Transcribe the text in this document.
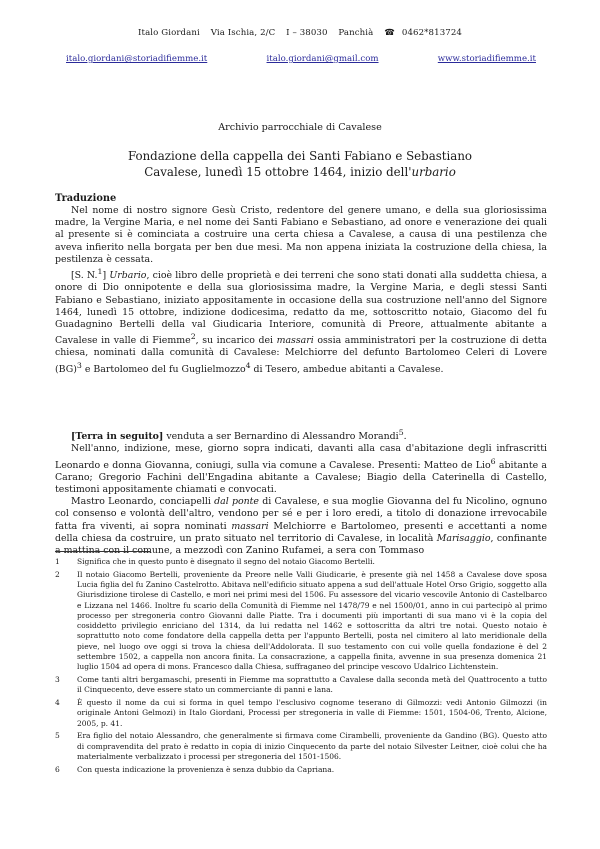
Italo Giordani Via Ischia, 2/C I – 38030 Panchià ☎ 0462*813724
italo.giordani@storiadifiemme.it	italo.giordani@gmail.com	www.storiadifiemme.it
Archivio parrocchiale di Cavalese
Fondazione della cappella dei Santi Fabiano e Sebastiano
Cavalese, lunedì 15 ottobre 1464, inizio dell'urbario
Traduzione

Nel nome di nostro signore Gesù Cristo, redentore del genere umano, e della sua gloriosissima madre, la Vergine Maria, e nel nome dei Santi Fabiano e Sebastiano, ad onore e venerazione dei quali al presente si è cominciata a costruire una certa chiesa a Cavalese, a causa di una pestilenza che aveva infierito nella borgata per ben due mesi. Ma non appena iniziata la costruzione della chiesa, la pestilenza è cessata.

[S. N.$^1$] Urbario, cioè libro delle proprietà e dei terreni che sono stati donati alla suddetta chiesa, a onore di Dio onnipotente e della sua gloriosissima madre, la Vergine Maria, e degli stessi Santi Fabiano e Sebastiano, iniziato appositamente in occasione della sua costruzione nell'anno del Signore 1464, lunedì 15 ottobre, indizione dodicesima, redatto da me, sottoscritto notaio, Giacomo del fu Guadagnino Bertelli della val Giudicaria Interiore, comunità di Preore, attualmente abitante a Cavalese in valle di Fiemme$^2$, su incarico dei massari ossia amministratori per la costruzione di detta chiesa, nominati dalla comunità di Cavalese: Melchiorre del defunto Bartolomeo Celeri di Lovere (BG)$^3$ e Bartolomeo del fu Guglielmozzo$^4$ di Tesero, ambedue abitanti a Cavalese.

[Terra in seguito] venduta a ser Bernardino di Alessandro Morandi$^5$.

Nell'anno, indizione, mese, giorno sopra indicati, davanti alla casa d'abitazione degli infrascritti Leonardo e donna Giovanna, coniugi, sulla via comune a Cavalese. Presenti: Matteo de Lio$^6$ abitante a Carano; Gregorio Fachini dell'Engadina abitante a Cavalese; Biagio della Caterinella di Castello, testimoni appositamente chiamati e convocati.

Mastro Leonardo, conciapelli dal ponte di Cavalese, e sua moglie Giovanna del fu Nicolino, ognuno col consenso e volontà dell'altro, vendono per sé e per i loro eredi, a titolo di donazione irrevocabile fatta fra viventi, ai sopra nominati massari Melchiorre e Bartolomeo, presenti e accettanti a nome della chiesa da costruire, un prato situato nel territorio di Cavalese, in località Marisaggio, confinante a mattina con il comune, a mezzodì con Zanino Rufamei, a sera con Tommaso

1	Significa che in questo punto è disegnato il segno del notaio Giacomo Bertelli.
2	Il notaio Giacomo Bertelli, proveniente da Preore nelle Valli Giudicarie, è presente già nel 1458 a Cavalese dove sposa Lucia figlia del fu Zanino Castelrotto. Abitava nell'edificio situato appena a sud dell'attuale Hotel Orso Grigio, soggetto alla Giurisdizione tirolese di Castello, e morì nei primi mesi del 1506. Fu assessore del vicario vescovile Antonio di Castelbarco e Lizzana nel 1466. Inoltre fu scario della Comunità di Fiemme nel 1478/79 e nel 1500/01, anno in cui partecipò al primo processo per stregoneria contro Giovanni dalle Piatte. Tra i documenti più importanti di sua mano vi è la copia del cosiddetto privilegio enriciano del 1314, da lui redatta nel 1462 e sottoscritta da altri tre notai. Questo notaio è soprattutto noto come fondatore della cappella detta per l'appunto Bertelli, posta nel cimitero al lato meridionale della pieve, nel luogo ove oggi si trova la chiesa dell'Addolorata. Il suo testamento con cui volle quella fondazione è del 2 settembre 1502, a cappella non ancora finita. La consacrazione, a cappella finita, avvenne in sua presenza domenica 21 luglio 1504 ad opera di mons. Francesco dalla Chiesa, suffraganeo del principe vescovo Udalrico Lichtenstein.
3	Come tanti altri bergamaschi, presenti in Fiemme ma soprattutto a Cavalese dalla seconda metà del Quattrocento a tutto il Cinquecento, deve essere stato un commerciante di panni e lana.
4	È questo il nome da cui si forma in quel tempo l'esclusivo cognome teserano di Gilmozzi: vedi Antonio Gilmozzi (in originale Antoni Gelmozi) in Italo Giordani, Processi per stregoneria in valle di Fiemme: 1501, 1504-06, Trento, Alcione, 2005, p. 41.
5	Era figlio del notaio Alessandro, che generalmente si firmava come Cirambelli, proveniente da Gandino (BG). Questo atto di compravendita del prato è redatto in copia di inizio Cinquecento da parte del notaio Silvester Leitner, cioè colui che ha materialmente verbalizzato i processi per stregoneria del 1501-1506.
6	Con questa indicazione la provenienza è senza dubbio da Capriana.
